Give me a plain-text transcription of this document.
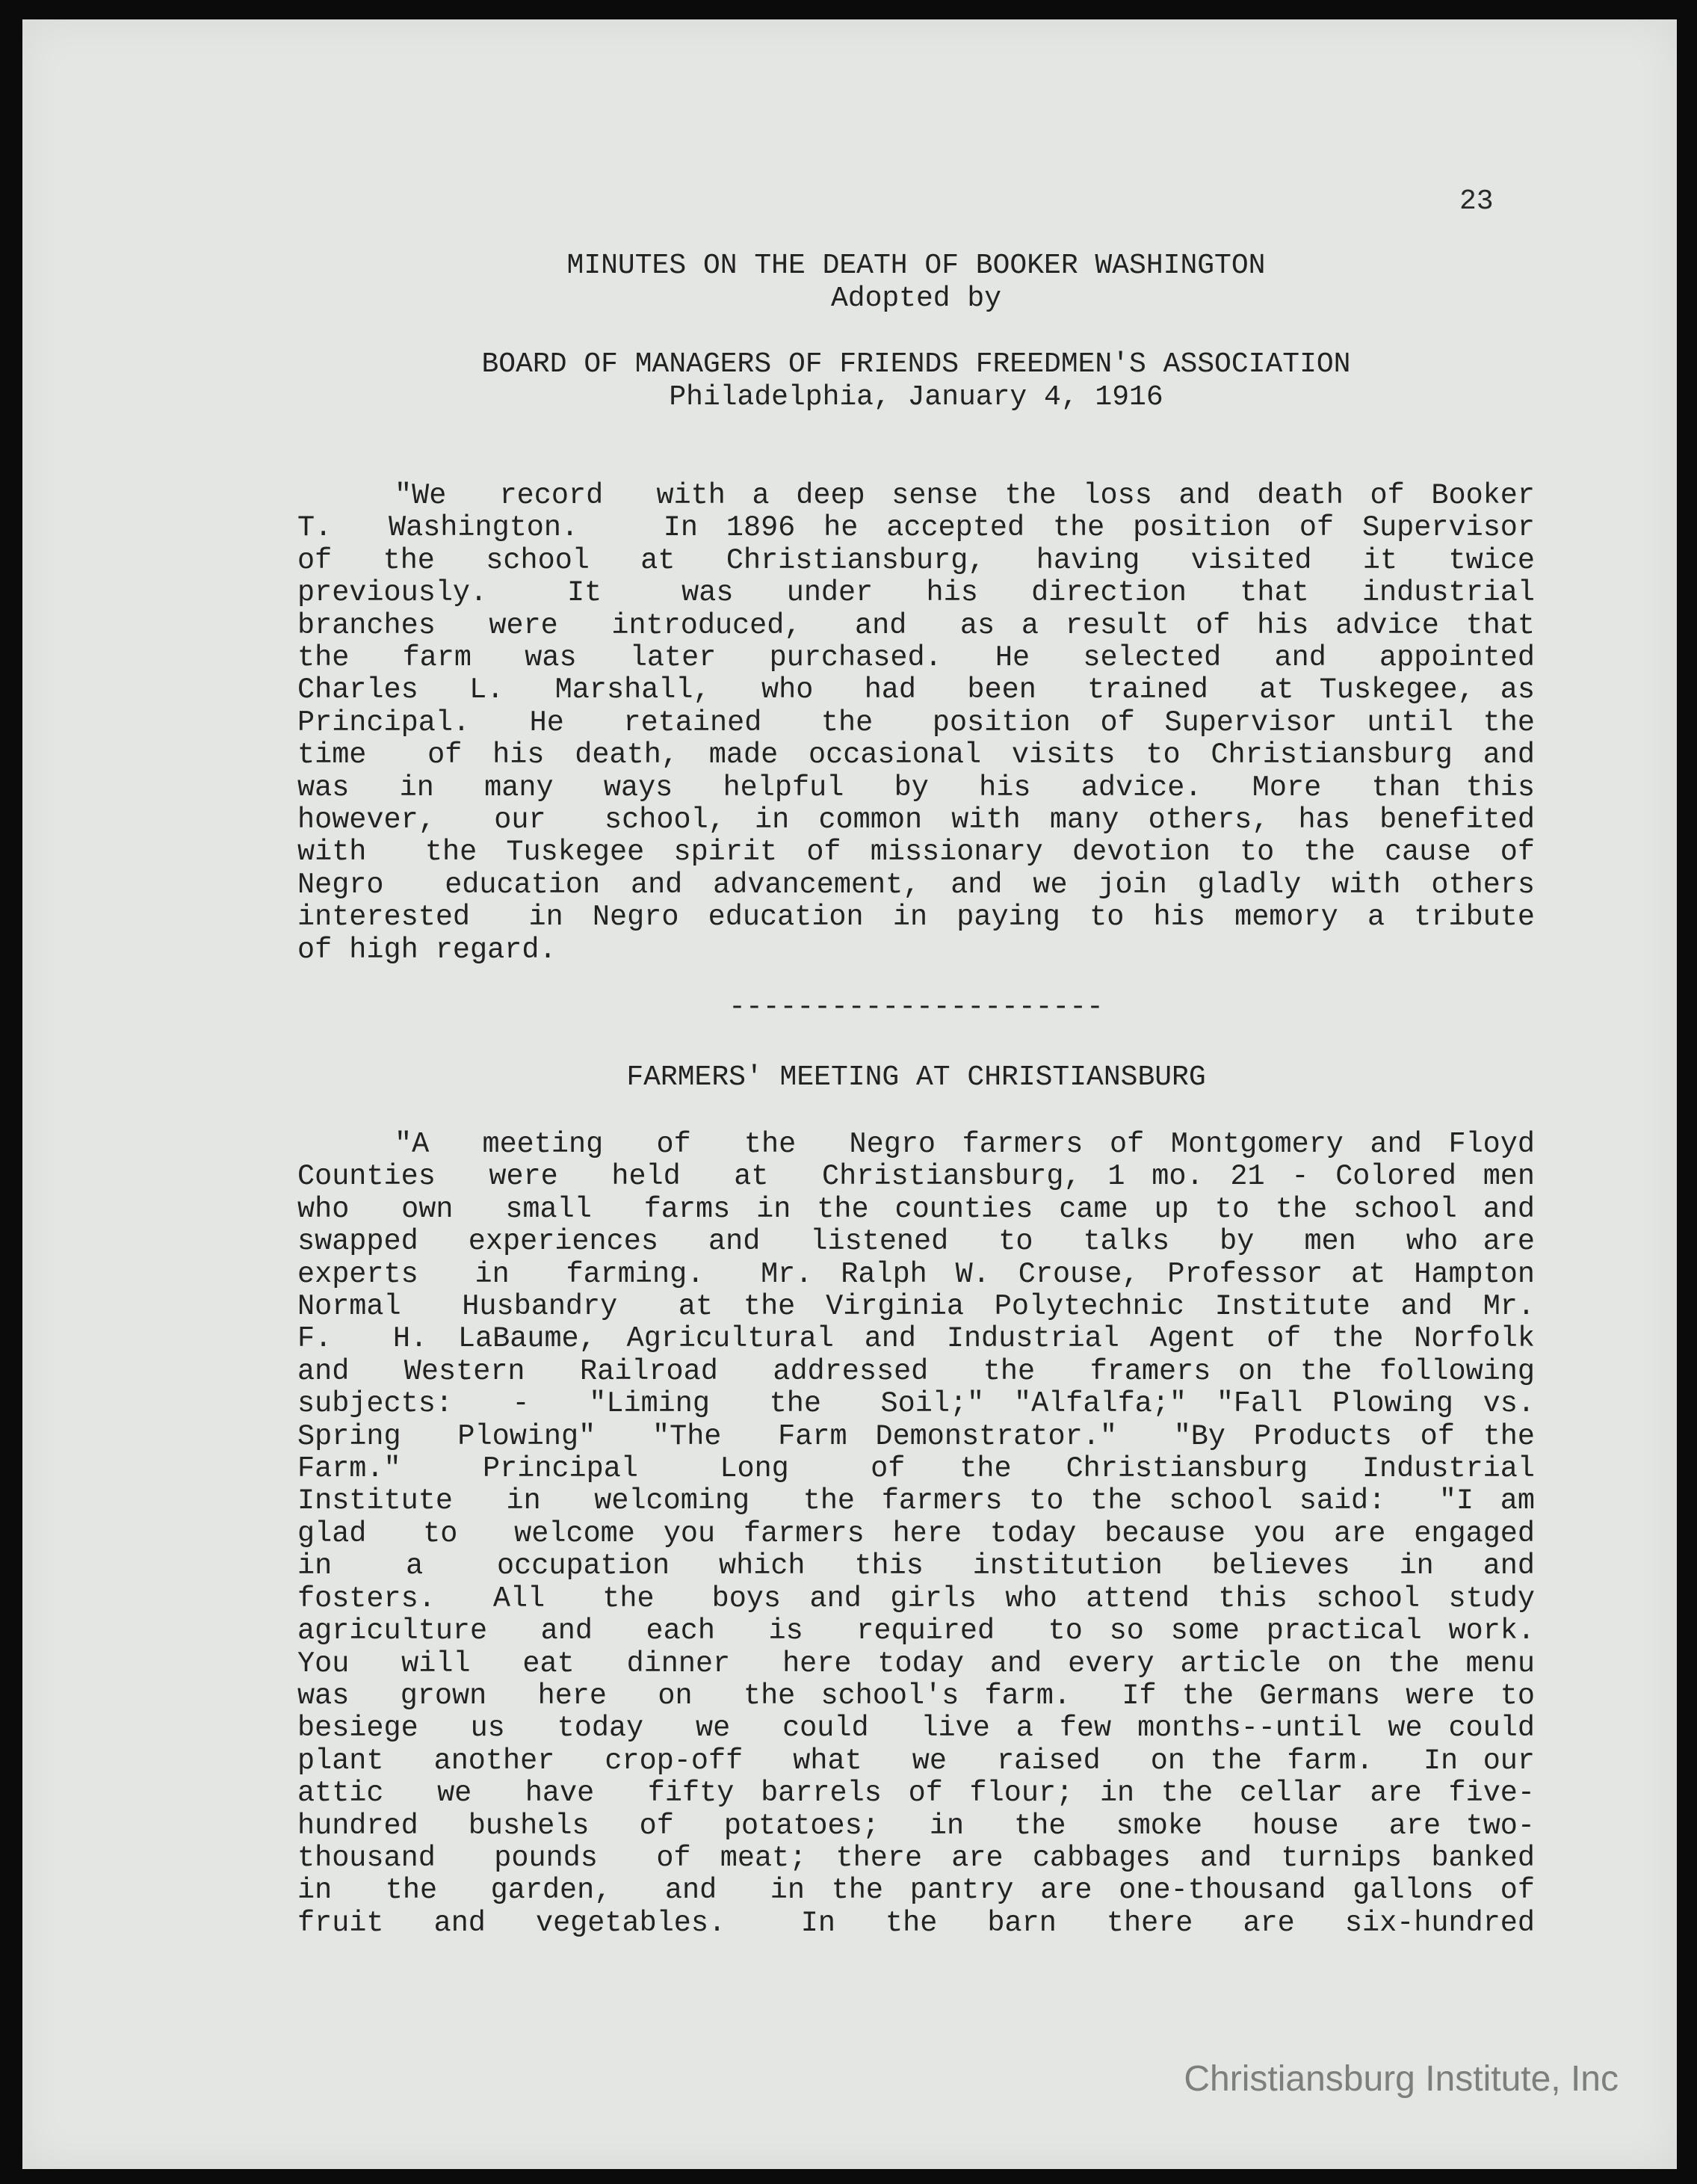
23
MINUTES ON THE DEATH OF BOOKER WASHINGTON
Adopted by
BOARD OF MANAGERS OF FRIENDS FREEDMEN'S ASSOCIATION
Philadelphia, January 4, 1916
"We  record  with a deep sense the loss and death of Booker
T.  Washington.   In 1896 he accepted the position of Supervisor
of  the  school  at  Christiansburg,  having  visited  it  twice
previously.   It   was  under  his  direction  that  industrial
branches  were  introduced,  and  as a result of his advice that
the  farm  was  later  purchased.  He  selected  and  appointed
Charles  L.  Marshall,  who  had  been  trained  at Tuskegee, as
Principal.  He  retained  the  position of Supervisor until the
time  of his death, made occasional visits to Christiansburg and
was  in  many  ways  helpful  by  his  advice.  More  than this
however,  our  school, in common with many others, has benefited
with  the Tuskegee spirit of missionary devotion to the cause of
Negro  education and advancement, and we join gladly with others
interested  in Negro education in paying to his memory a tribute
of high regard.
----------------------
FARMERS' MEETING AT CHRISTIANSBURG
"A  meeting  of  the  Negro farmers of Montgomery and Floyd
Counties  were  held  at  Christiansburg, 1 mo. 21 - Colored men
who  own  small  farms in the counties came up to the school and
swapped  experiences  and  listened  to  talks  by  men  who are
experts  in  farming.  Mr. Ralph W. Crouse, Professor at Hampton
Normal  Husbandry  at the Virginia Polytechnic Institute and Mr.
F.  H. LaBaume, Agricultural and Industrial Agent of the Norfolk
and  Western  Railroad  addressed  the  framers on the following
subjects:  -  "Liming  the  Soil;" "Alfalfa;" "Fall Plowing vs.
Spring  Plowing"  "The  Farm Demonstrator."  "By Products of the
Farm."   Principal   Long   of  the  Christiansburg  Industrial
Institute  in  welcoming  the farmers to the school said:  "I am
glad  to  welcome you farmers here today because you are engaged
in   a   occupation  which  this  institution  believes  in  and
fosters.  All  the  boys and girls who attend this school study
agriculture  and  each  is  required  to so some practical work.
You  will  eat  dinner  here today and every article on the menu
was  grown  here  on  the school's farm.  If the Germans were to
besiege  us  today  we  could  live a few months--until we could
plant  another  crop-off  what  we  raised  on the farm.  In our
attic  we  have  fifty barrels of flour; in the cellar are five-
hundred  bushels  of  potatoes;  in  the  smoke  house  are two-
thousand  pounds  of meat; there are cabbages and turnips banked
in  the  garden,  and  in the pantry are one-thousand gallons of
fruit  and  vegetables.   In  the  barn  there  are  six-hundred
Christiansburg Institute, Inc
